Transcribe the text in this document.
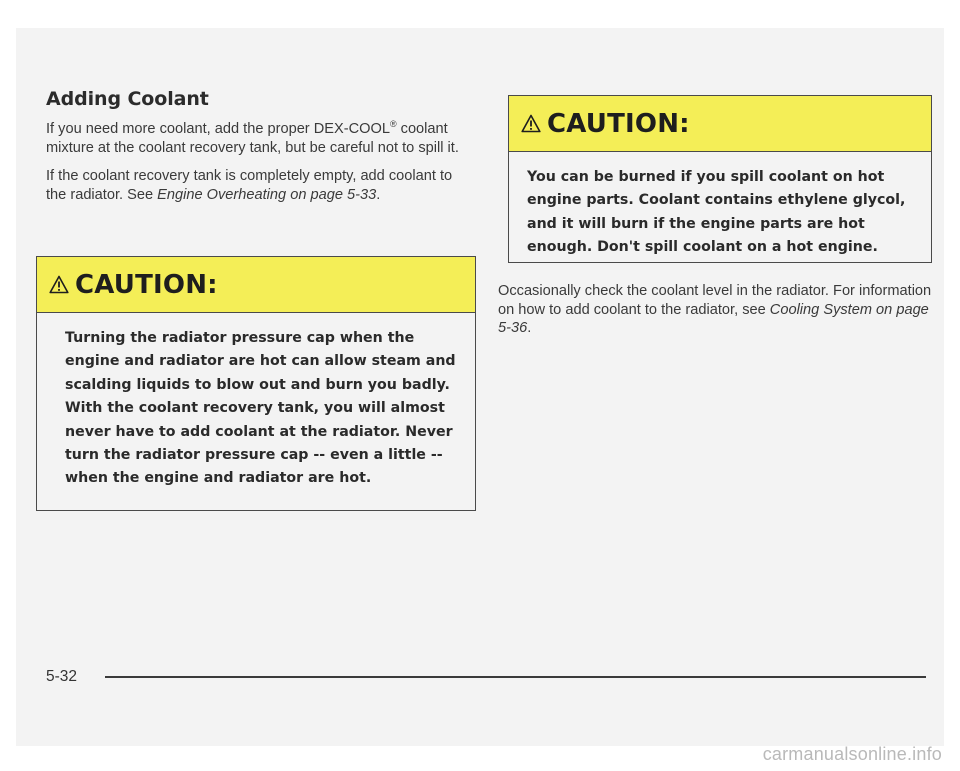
Adding Coolant

If you need more coolant, add the proper DEX-COOL® coolant mixture at the coolant recovery tank, but be careful not to spill it.

If the coolant recovery tank is completely empty, add coolant to the radiator. See Engine Overheating on page 5-33.

CAUTION:
Turning the radiator pressure cap when the engine and radiator are hot can allow steam and scalding liquids to blow out and burn you badly. With the coolant recovery tank, you will almost never have to add coolant at the radiator. Never turn the radiator pressure cap -- even a little -- when the engine and radiator are hot.
CAUTION:
You can be burned if you spill coolant on hot engine parts. Coolant contains ethylene glycol, and it will burn if the engine parts are hot enough. Don't spill coolant on a hot engine.

Occasionally check the coolant level in the radiator. For information on how to add coolant to the radiator, see Cooling System on page 5-36.

5-32
carmanualsonline.info
